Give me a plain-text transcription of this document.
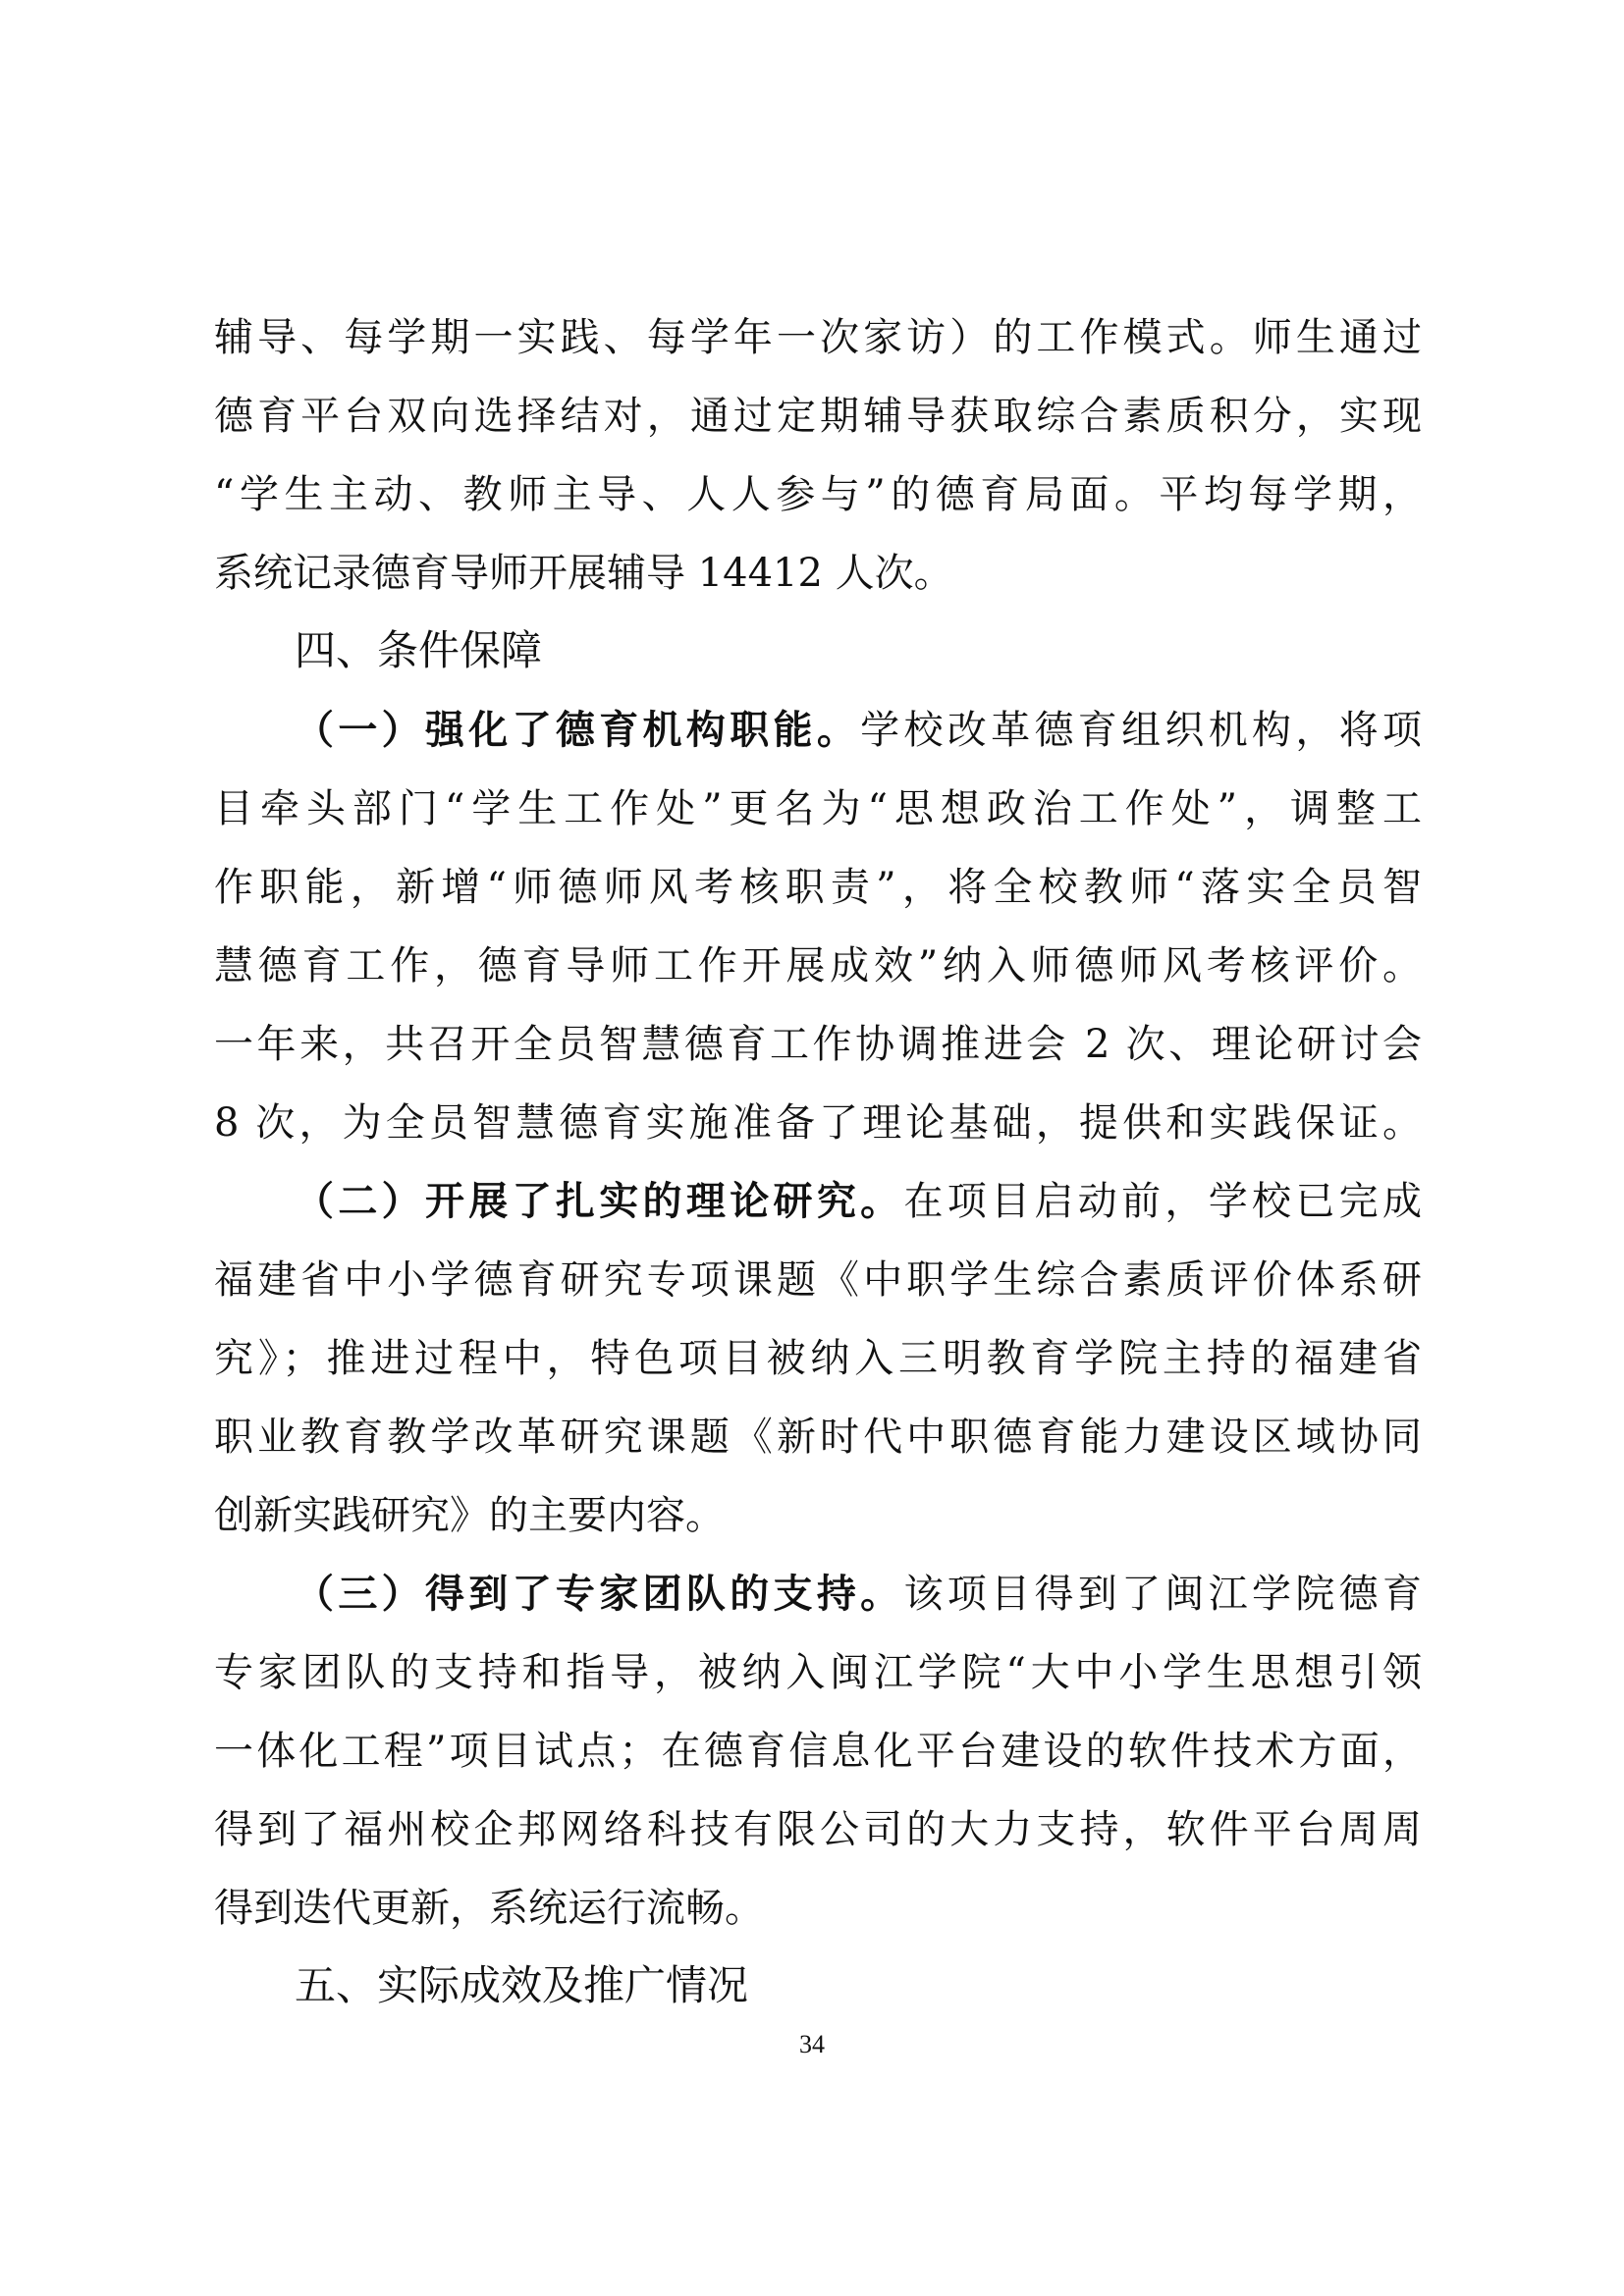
辅导、每学期一实践、每学年一次家访）的工作模式。师生通过
德育平台双向选择结对，通过定期辅导获取综合素质积分，实现
“学生主动、教师主导、人人参与”的德育局面。平均每学期，
系统记录德育导师开展辅导 14412 人次。
四、条件保障
（一）强化了德育机构职能。学校改革德育组织机构，将项
目牵头部门“学生工作处”更名为“思想政治工作处”，调整工
作职能，新增“师德师风考核职责”，将全校教师“落实全员智
慧德育工作，德育导师工作开展成效”纳入师德师风考核评价。
一年来，共召开全员智慧德育工作协调推进会 2 次、理论研讨会
8 次，为全员智慧德育实施准备了理论基础，提供和实践保证。
（二）开展了扎实的理论研究。在项目启动前，学校已完成
福建省中小学德育研究专项课题《中职学生综合素质评价体系研
究》；推进过程中，特色项目被纳入三明教育学院主持的福建省
职业教育教学改革研究课题《新时代中职德育能力建设区域协同
创新实践研究》的主要内容。
（三）得到了专家团队的支持。该项目得到了闽江学院德育
专家团队的支持和指导，被纳入闽江学院“大中小学生思想引领
一体化工程”项目试点；在德育信息化平台建设的软件技术方面，
得到了福州校企邦网络科技有限公司的大力支持，软件平台周周
得到迭代更新，系统运行流畅。
五、实际成效及推广情况
34
